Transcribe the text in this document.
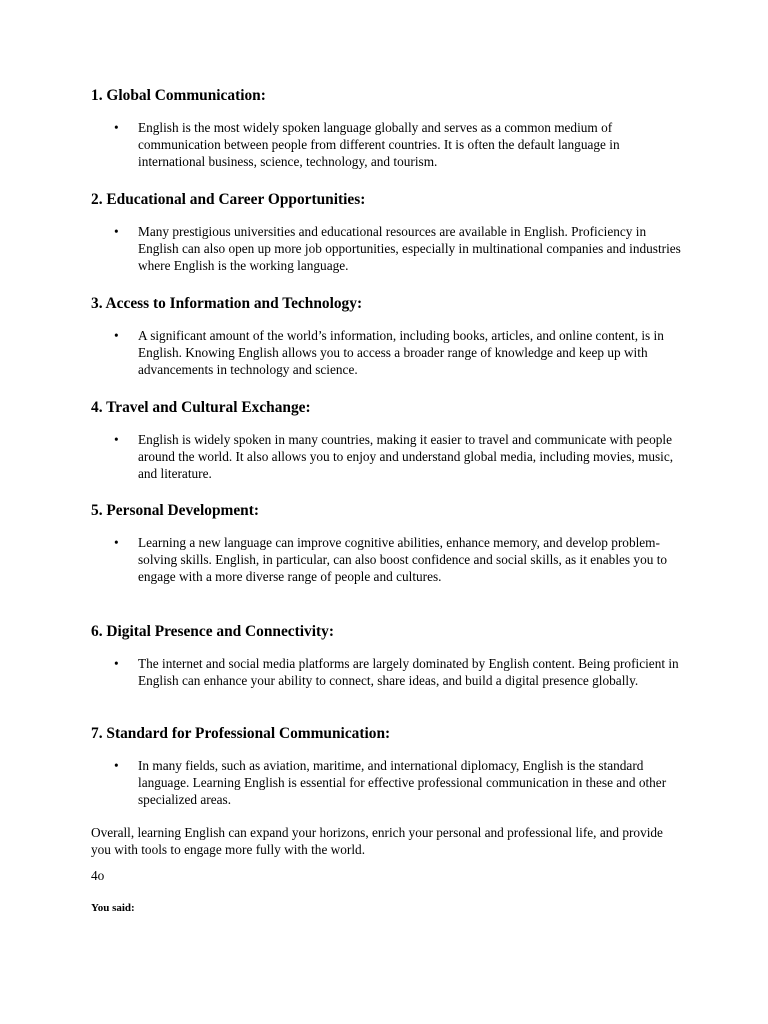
1. Global Communication:
• English is the most widely spoken language globally and serves as a common medium of communication between people from different countries. It is often the default language in international business, science, technology, and tourism.
2. Educational and Career Opportunities:
• Many prestigious universities and educational resources are available in English. Proficiency in English can also open up more job opportunities, especially in multinational companies and industries where English is the working language.
3. Access to Information and Technology:
• A significant amount of the world’s information, including books, articles, and online content, is in English. Knowing English allows you to access a broader range of knowledge and keep up with advancements in technology and science.
4. Travel and Cultural Exchange:
• English is widely spoken in many countries, making it easier to travel and communicate with people around the world. It also allows you to enjoy and understand global media, including movies, music, and literature.
5. Personal Development:
• Learning a new language can improve cognitive abilities, enhance memory, and develop problem-solving skills. English, in particular, can also boost confidence and social skills, as it enables you to engage with a more diverse range of people and cultures.
6. Digital Presence and Connectivity:
• The internet and social media platforms are largely dominated by English content. Being proficient in English can enhance your ability to connect, share ideas, and build a digital presence globally.
7. Standard for Professional Communication:
• In many fields, such as aviation, maritime, and international diplomacy, English is the standard language. Learning English is essential for effective professional communication in these and other specialized areas.

Overall, learning English can expand your horizons, enrich your personal and professional life, and provide you with tools to engage more fully with the world.

4o

You said:
